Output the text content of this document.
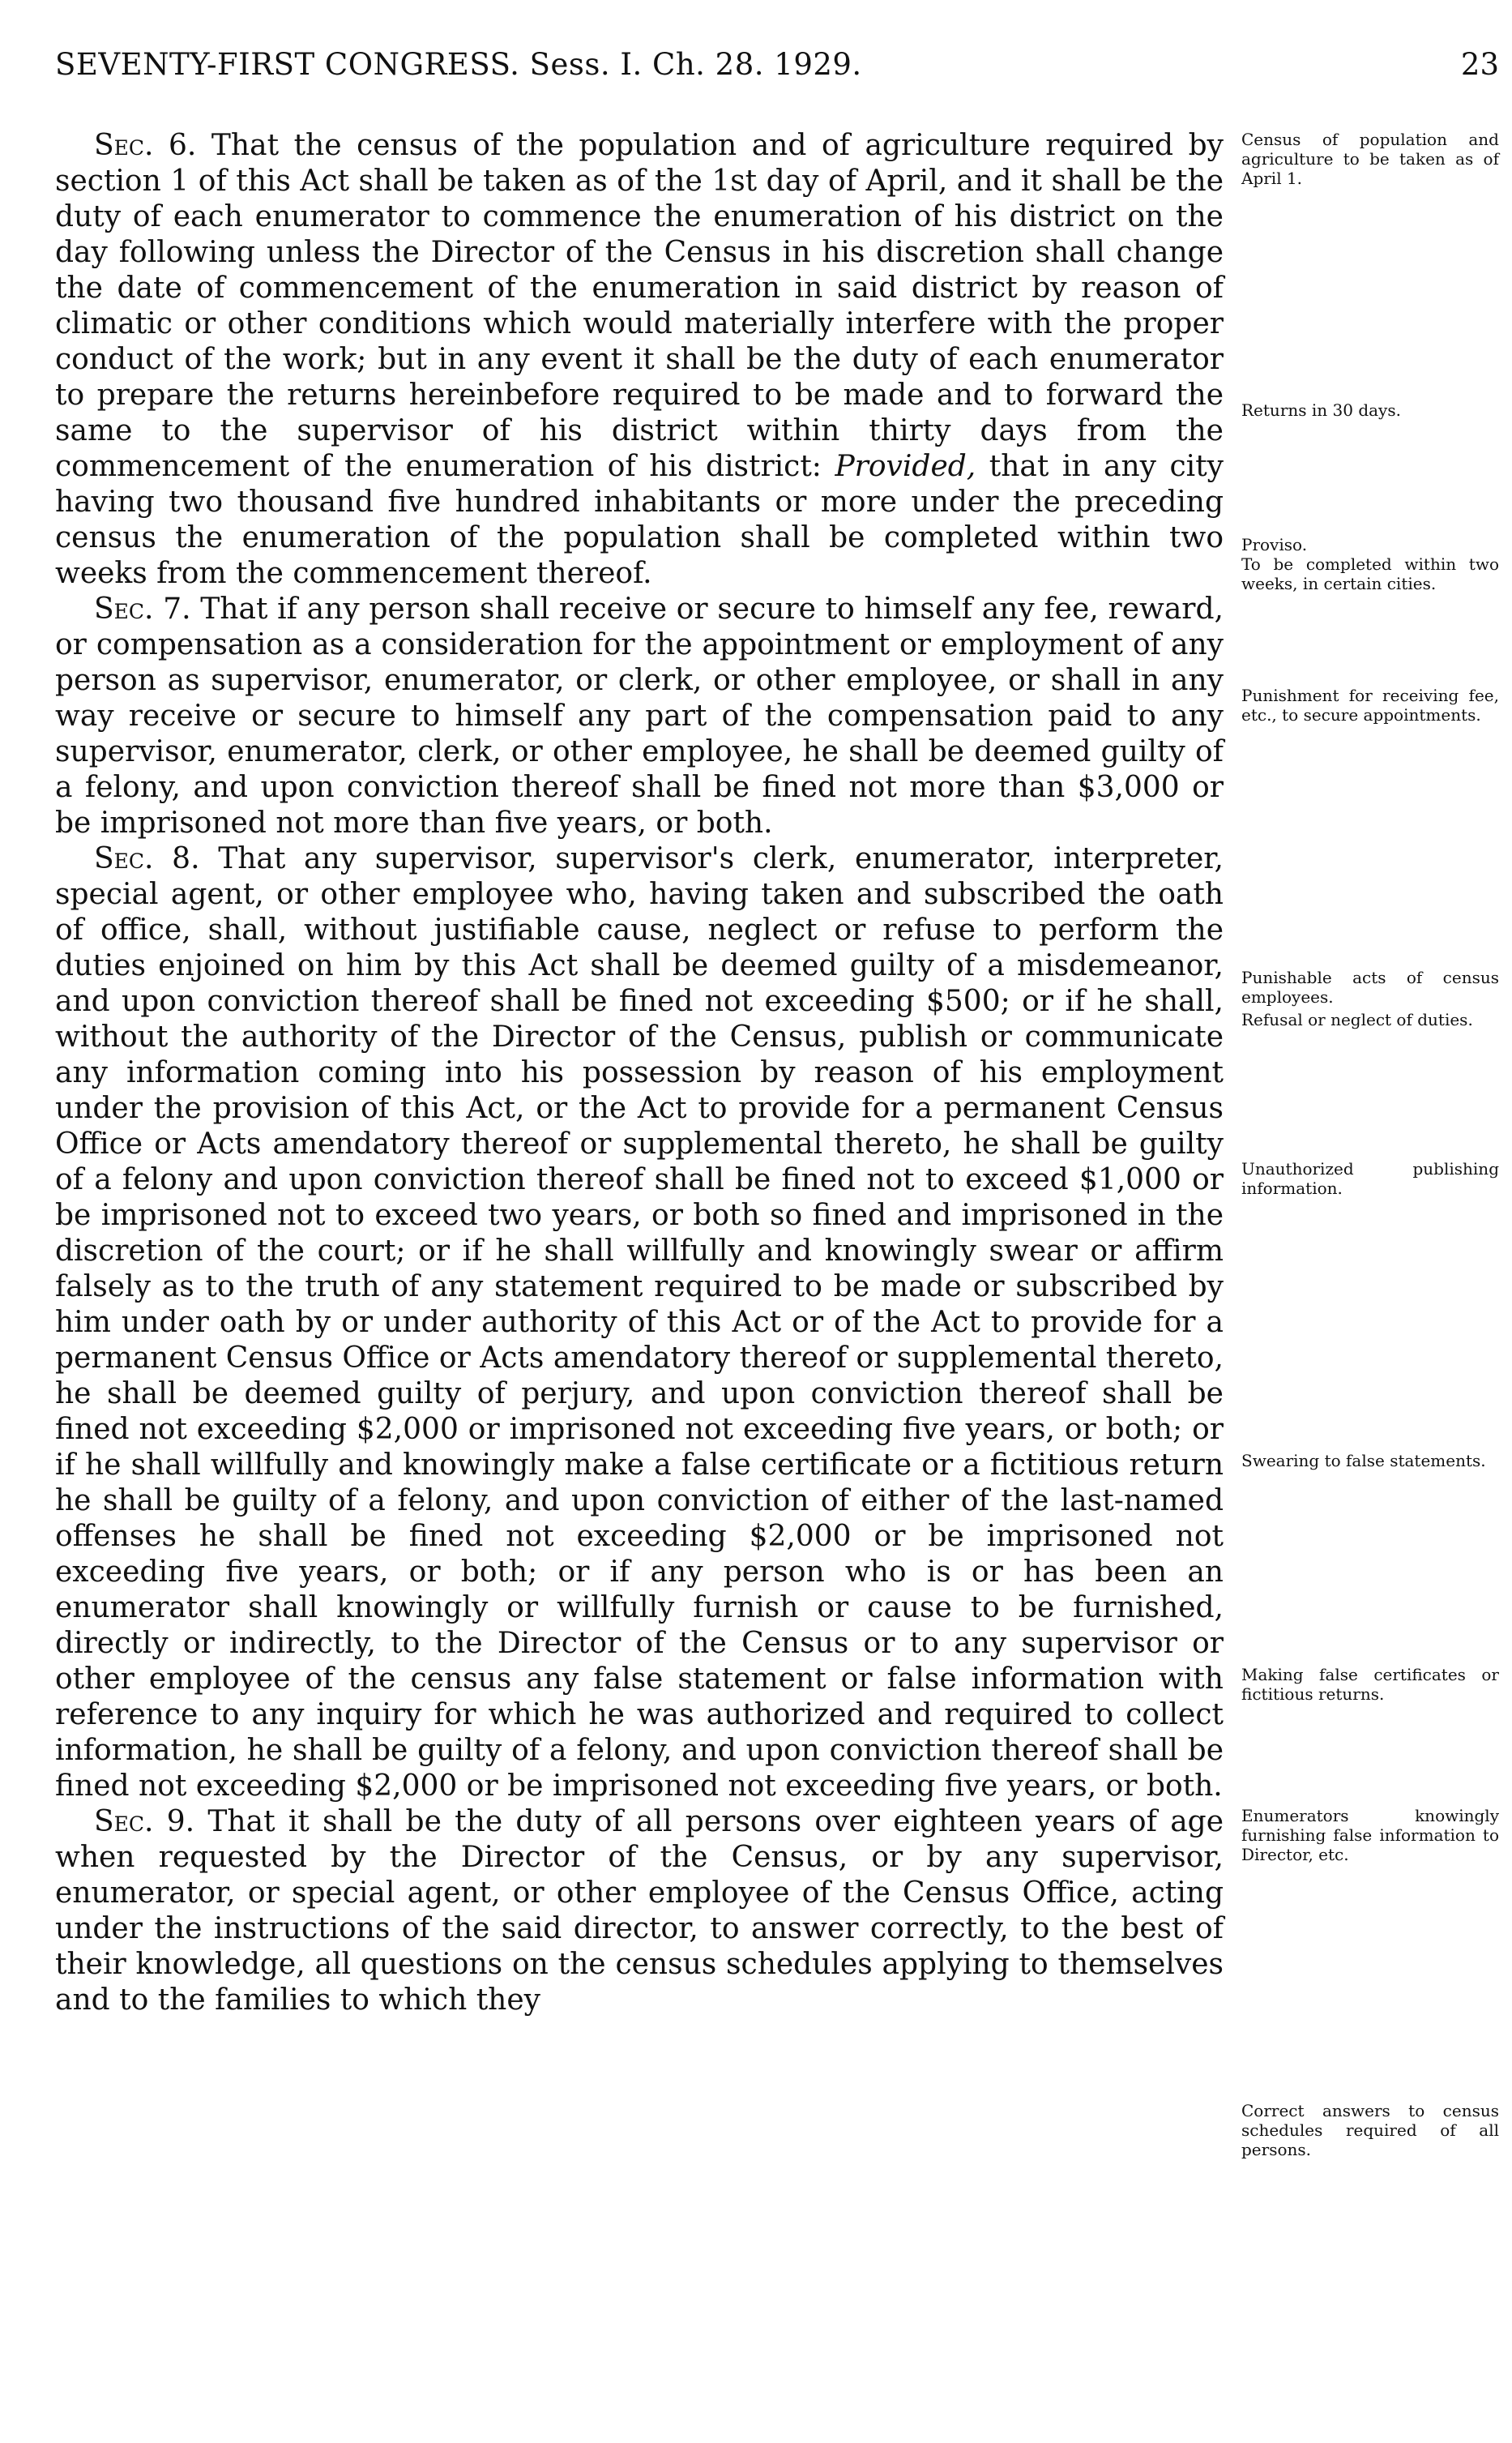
SEVENTY-FIRST CONGRESS. Sess. I. Ch. 28. 1929.	23

Sec. 6. That the census of the population and of agriculture required by section 1 of this Act shall be taken as of the 1st day of April, and it shall be the duty of each enumerator to commence the enumeration of his district on the day following unless the Director of the Census in his discretion shall change the date of commencement of the enumeration in said district by reason of climatic or other conditions which would materially interfere with the proper conduct of the work; but in any event it shall be the duty of each enumerator to prepare the returns hereinbefore required to be made and to forward the same to the supervisor of his district within thirty days from the commencement of the enumeration of his district: Provided, that in any city having two thousand five hundred inhabitants or more under the preceding census the enumeration of the population shall be completed within two weeks from the commencement thereof.

Sec. 7. That if any person shall receive or secure to himself any fee, reward, or compensation as a consideration for the appointment or employment of any person as supervisor, enumerator, or clerk, or other employee, or shall in any way receive or secure to himself any part of the compensation paid to any supervisor, enumerator, clerk, or other employee, he shall be deemed guilty of a felony, and upon conviction thereof shall be fined not more than $3,000 or be imprisoned not more than five years, or both.

Sec. 8. That any supervisor, supervisor's clerk, enumerator, interpreter, special agent, or other employee who, having taken and subscribed the oath of office, shall, without justifiable cause, neglect or refuse to perform the duties enjoined on him by this Act shall be deemed guilty of a misdemeanor, and upon conviction thereof shall be fined not exceeding $500; or if he shall, without the authority of the Director of the Census, publish or communicate any information coming into his possession by reason of his employment under the provision of this Act, or the Act to provide for a permanent Census Office or Acts amendatory thereof or supplemental thereto, he shall be guilty of a felony and upon conviction thereof shall be fined not to exceed $1,000 or be imprisoned not to exceed two years, or both so fined and imprisoned in the discretion of the court; or if he shall willfully and knowingly swear or affirm falsely as to the truth of any statement required to be made or subscribed by him under oath by or under authority of this Act or of the Act to provide for a permanent Census Office or Acts amendatory thereof or supplemental thereto, he shall be deemed guilty of perjury, and upon conviction thereof shall be fined not exceeding $2,000 or imprisoned not exceeding five years, or both; or if he shall willfully and knowingly make a false certificate or a fictitious return he shall be guilty of a felony, and upon conviction of either of the last-named offenses he shall be fined not exceeding $2,000 or be imprisoned not exceeding five years, or both; or if any person who is or has been an enumerator shall knowingly or willfully furnish or cause to be furnished, directly or indirectly, to the Director of the Census or to any supervisor or other employee of the census any false statement or false information with reference to any inquiry for which he was authorized and required to collect information, he shall be guilty of a felony, and upon conviction thereof shall be fined not exceeding $2,000 or be imprisoned not exceeding five years, or both.

Sec. 9. That it shall be the duty of all persons over eighteen years of age when requested by the Director of the Census, or by any supervisor, enumerator, or special agent, or other employee of the Census Office, acting under the instructions of the said director, to answer correctly, to the best of their knowledge, all questions on the census schedules applying to themselves and to the families to which they

Census of population and agriculture to be taken as of April 1.
Returns in 30 days.
Proviso.
To be completed within two weeks, in certain cities.
Punishment for receiving fee, etc., to secure appointments.
Punishable acts of census employees.
Refusal or neglect of duties.
Unauthorized publishing information.
Swearing to false statements.
Making false certificates or fictitious returns.
Enumerators knowingly furnishing false information to Director, etc.
Correct answers to census schedules required of all persons.
